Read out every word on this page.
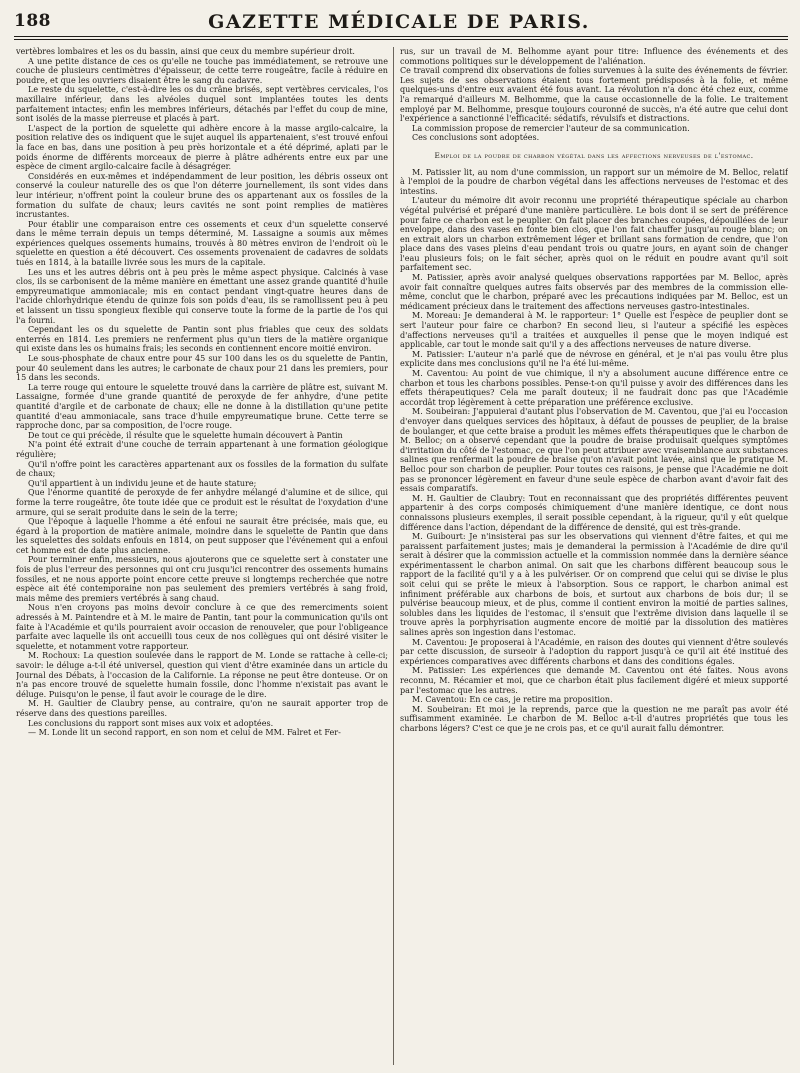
188	GAZETTE MÉDICALE DE PARIS.

vertèbres lombaires et les os du bassin, ainsi que ceux du membre supérieur droit.

A une petite distance de ces os qu'elle ne touche pas immédiatement, se retrouve une couche de plusieurs centimètres d'épaisseur, de cette terre rougeâtre, facile à réduire en poudre, et que les ouvriers disaient être le sang du cadavre.

Le reste du squelette, c'est-à-dire les os du crâne brisés, sept vertèbres cervicales, l'os maxillaire inférieur, dans les alvéoles duquel sont implantées toutes les dents parfaitement intactes; enfin les membres inférieurs, détachés par l'effet du coup de mine, sont isolés de la masse pierreuse et placés à part.

L'aspect de la portion de squelette qui adhère encore à la masse argilo-calcaire, la position relative des os indiquent que le sujet auquel ils appartenaient, s'est trouvé enfoui la face en bas, dans une position à peu près horizontale et a été déprimé, aplati par le poids énorme de différents morceaux de pierre à plâtre adhérents entre eux par une espèce de ciment argilo-calcaire facile à désagréger.

Considérés en eux-mêmes et indépendamment de leur position, les débris osseux ont conservé la couleur naturelle des os que l'on déterre journellement, ils sont vides dans leur intérieur, n'offrent point la couleur brune des os appartenant aux os fossiles de la formation du sulfate de chaux; leurs cavités ne sont point remplies de matières incrustantes.

Pour établir une comparaison entre ces ossements et ceux d'un squelette conservé dans le même terrain depuis un temps déterminé, M. Lassaigne a soumis aux mêmes expériences quelques ossements humains, trouvés à 80 mètres environ de l'endroit où le squelette en question a été découvert. Ces ossements provenaient de cadavres de soldats tués en 1814, à la bataille livrée sous les murs de la capitale.

Les uns et les autres débris ont à peu près le même aspect physique. Calcinés à vase clos, ils se carbonisent de la même manière en émettant une assez grande quantité d'huile empyreumatique ammoniacale; mis en contact pendant vingt-quatre heures dans de l'acide chlorhydrique étendu de quinze fois son poids d'eau, ils se ramollissent peu à peu et laissent un tissu spongieux flexible qui conserve toute la forme de la partie de l'os qui l'a fourni.

Cependant les os du squelette de Pantin sont plus friables que ceux des soldats enterrés en 1814. Les premiers ne renferment plus qu'un tiers de la matière organique qui existe dans les os humains frais; les seconds en contiennent encore moitié environ.

Le sous-phosphate de chaux entre pour 45 sur 100 dans les os du squelette de Pantin, pour 40 seulement dans les autres; le carbonate de chaux pour 21 dans les premiers, pour 15 dans les seconds.

La terre rouge qui entoure le squelette trouvé dans la carrière de plâtre est, suivant M. Lassaigne, formée d'une grande quantité de peroxyde de fer anhydre, d'une petite quantité d'argile et de carbonate de chaux; elle ne donne à la distillation qu'une petite quantité d'eau ammoniacale, sans trace d'huile empyreumatique brune. Cette terre se rapproche donc, par sa composition, de l'ocre rouge.

De tout ce qui précède, il résulte que le squelette humain découvert à Pantin

N'a point été extrait d'une couche de terrain appartenant à une formation géologique régulière;

Qu'il n'offre point les caractères appartenant aux os fossiles de la formation du sulfate de chaux;

Qu'il appartient à un individu jeune et de haute stature;

Que l'énorme quantité de peroxyde de fer anhydre mélangé d'alumine et de silice, qui forme la terre rougeâtre, ôte toute idée que ce produit est le résultat de l'oxydation d'une armure, qui se serait produite dans le sein de la terre;

Que l'époque à laquelle l'homme a été enfoui ne saurait être précisée, mais que, eu égard à la proportion de matière animale, moindre dans le squelette de Pantin que dans les squelettes des soldats enfouis en 1814, on peut supposer que l'événement qui a enfoui cet homme est de date plus ancienne.

Pour terminer enfin, messieurs, nous ajouterons que ce squelette sert à constater une fois de plus l'erreur des personnes qui ont cru jusqu'ici rencontrer des ossements humains fossiles, et ne nous apporte point encore cette preuve si longtemps recherchée que notre espèce ait été contemporaine non pas seulement des premiers vertébrés à sang froid, mais même des premiers vertébrés à sang chaud.

Nous n'en croyons pas moins devoir conclure à ce que des remerciments soient adressés à M. Paintendre et à M. le maire de Pantin, tant pour la communication qu'ils ont faite à l'Académie et qu'ils pourraient avoir occasion de renouveler, que pour l'obligeance parfaite avec laquelle ils ont accueilli tous ceux de nos collègues qui ont désiré visiter le squelette, et notamment votre rapporteur.

M. Rochoux: La question soulevée dans le rapport de M. Londe se rattache à celle-ci; savoir: le déluge a-t-il été universel, question qui vient d'être examinée dans un article du Journal des Débats, à l'occasion de la Californie. La réponse ne peut être donteuse. Or on n'a pas encore trouvé de squelette humain fossile, donc l'homme n'existait pas avant le déluge. Puisqu'on le pense, il faut avoir le courage de le dire.

M. H. Gaultier de Claubry pense, au contraire, qu'on ne saurait apporter trop de réserve dans des questions pareilles.

Les conclusions du rapport sont mises aux voix et adoptées.

— M. Londe lit un second rapport, en son nom et celui de MM. Falret et Fer-

rus, sur un travail de M. Belhomme ayant pour titre: Influence des événements et des commotions politiques sur le développement de l'aliénation.

Ce travail comprend dix observations de folies survenues à la suite des événements de février. Les sujets de ses observations étaient tous fortement prédisposés à la folie, et même quelques-uns d'entre eux avaient été fous avant. La révolution n'a donc été chez eux, comme l'a remarqué d'ailleurs M. Belhomme, que la cause occasionnelle de la folie. Le traitement employé par M. Belhomme, presque toujours couronné de succès, n'a été autre que celui dont l'expérience a sanctionné l'efficacité: sédatifs, révulsifs et distractions.

La commission propose de remercier l'auteur de sa communication.

Ces conclusions sont adoptées.

Emploi de la poudre de charbon végétal dans les affections nerveuses de l'estomac.

M. Patissier lit, au nom d'une commission, un rapport sur un mémoire de M. Belloc, relatif à l'emploi de la poudre de charbon végétal dans les affections nerveuses de l'estomac et des intestins.

L'auteur du mémoire dit avoir reconnu une propriété thérapeutique spéciale au charbon végétal pulvérisé et préparé d'une manière particulière. Le bois dont il se sert de préférence pour faire ce charbon est le peuplier. On fait placer des branches coupées, dépouillées de leur enveloppe, dans des vases en fonte bien clos, que l'on fait chauffer jusqu'au rouge blanc; on en extrait alors un charbon extrêmement léger et brillant sans formation de cendre, que l'on place dans des vases pleins d'eau pendant trois ou quatre jours, en ayant soin de changer l'eau plusieurs fois; on le fait sécher, après quoi on le réduit en poudre avant qu'il soit parfaitement sec.

M. Patissier, après avoir analysé quelques observations rapportées par M. Belloc, après avoir fait connaître quelques autres faits observés par des membres de la commission elle-même, conclut que le charbon, préparé avec les précautions indiquées par M. Belloc, est un médicament précieux dans le traitement des affections nerveuses gastro-intestinales.

M. Moreau: Je demanderai à M. le rapporteur: 1° Quelle est l'espèce de peuplier dont se sert l'auteur pour faire ce charbon? En second lieu, si l'auteur a spécifié les espèces d'affections nerveuses qu'il a traitées et auxquelles il pense que le moyen indiqué est applicable, car tout le monde sait qu'il y a des affections nerveuses de nature diverse.

M. Patissier: L'auteur n'a parlé que de névrose en général, et je n'ai pas voulu être plus explicite dans mes conclusions qu'il ne l'a été lui-même.

M. Caventou: Au point de vue chimique, il n'y a absolument aucune différence entre ce charbon et tous les charbons possibles. Pense-t-on qu'il puisse y avoir des différences dans les effets thérapeutiques? Cela me paraît douteux; il ne faudrait donc pas que l'Académie accordât trop légèrement à cette préparation une préférence exclusive.

M. Soubeiran: J'appuierai d'autant plus l'observation de M. Caventou, que j'ai eu l'occasion d'envoyer dans quelques services des hôpitaux, à défaut de pousses de peuplier, de la braise de boulanger, et que cette braise a produit les mêmes effets thérapeutiques que le charbon de M. Belloc; on a observé cependant que la poudre de braise produisait quelques symptômes d'irritation du côté de l'estomac, ce que l'on peut attribuer avec vraisemblance aux substances salines que renfermait la poudre de braise qu'on n'avait point lavée, ainsi que le pratique M. Belloc pour son charbon de peuplier. Pour toutes ces raisons, je pense que l'Académie ne doit pas se prononcer légèrement en faveur d'une seule espèce de charbon avant d'avoir fait des essais comparatifs.

M. H. Gaultier de Claubry: Tout en reconnaissant que des propriétés différentes peuvent appartenir à des corps composés chimiquement d'une manière identique, ce dont nous connaissons plusieurs exemples, il serait possible cependant, à la rigueur, qu'il y eût quelque différence dans l'action, dépendant de la différence de densité, qui est très-grande.

M. Guibourt: Je n'insisterai pas sur les observations qui viennent d'être faites, et qui me paraissent parfaitement justes; mais je demanderai la permission à l'Académie de dire qu'il serait à désirer que la commission actuelle et la commission nommée dans la dernière séance expérimentassent le charbon animal. On sait que les charbons diffèrent beaucoup sous le rapport de la facilité qu'il y a à les pulvériser. Or on comprend que celui qui se divise le plus soit celui qui se prête le mieux à l'absorption. Sous ce rapport, le charbon animal est infiniment préférable aux charbons de bois, et surtout aux charbons de bois dur; il se pulvérise beaucoup mieux, et de plus, comme il contient environ la moitié de parties salines, solubles dans les liquides de l'estomac, il s'ensuit que l'extrême division dans laquelle il se trouve après la porphyrisation augmente encore de moitié par la dissolution des matières salines après son ingestion dans l'estomac.

M. Caventou: Je proposerai à l'Académie, en raison des doutes qui viennent d'être soulevés par cette discussion, de surseoir à l'adoption du rapport jusqu'à ce qu'il ait été institué des expériences comparatives avec différents charbons et dans des conditions égales.

M. Patissier: Les expériences que demande M. Caventou ont été faites. Nous avons reconnu, M. Récamier et moi, que ce charbon était plus facilement digéré et mieux supporté par l'estomac que les autres.

M. Caventou: En ce cas, je retire ma proposition.

M. Soubeiran: Et moi je la reprends, parce que la question ne me paraît pas avoir été suffisamment examinée. Le charbon de M. Belloc a-t-il d'autres propriétés que tous les charbons légers? C'est ce que je ne crois pas, et ce qu'il aurait fallu démontrer.
